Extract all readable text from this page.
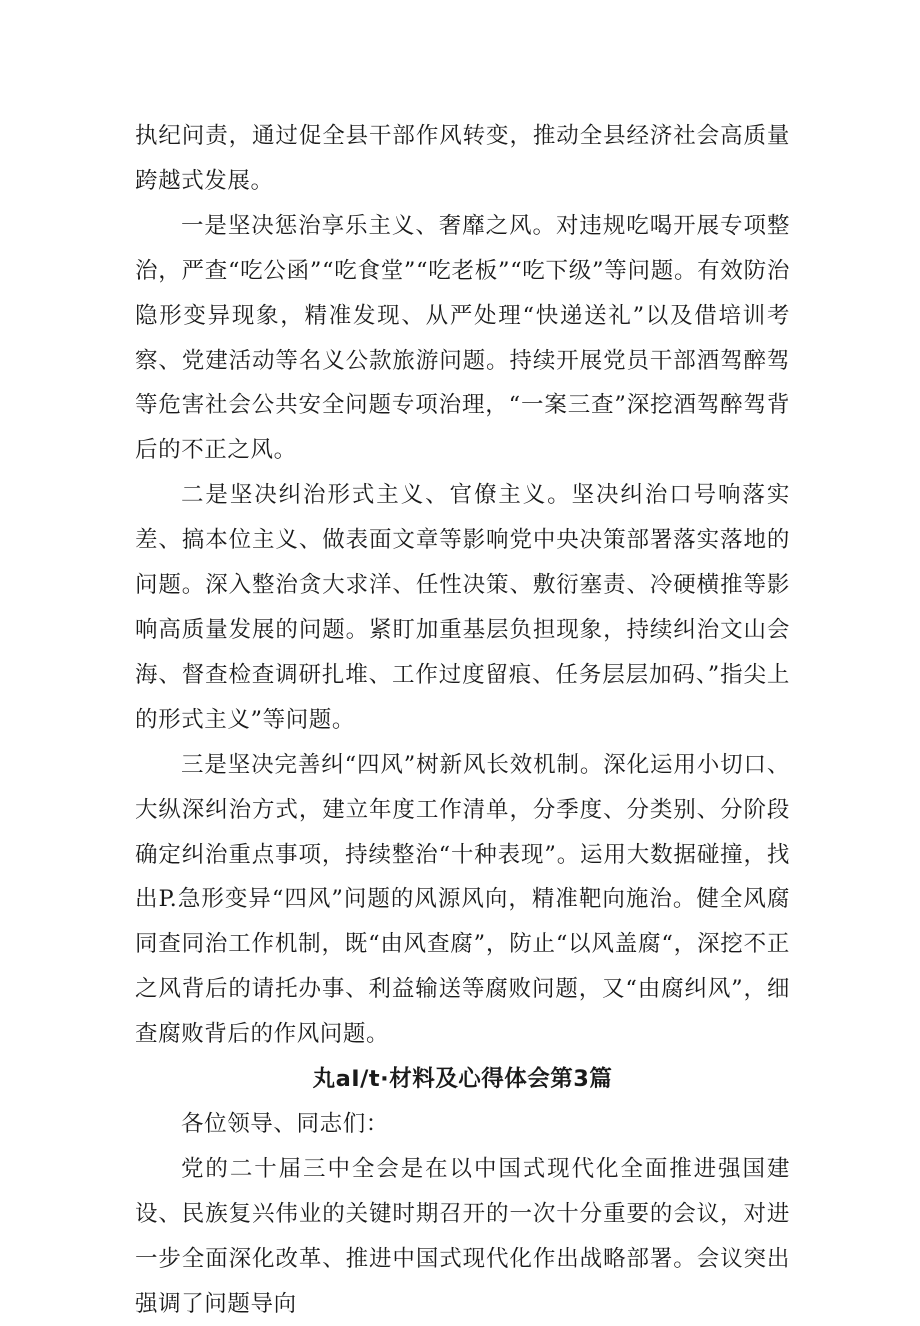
执纪问责，通过促全县干部作风转变，推动全县经济社会高质量跨越式发展。

一是坚决惩治享乐主义、奢靡之风。对违规吃喝开展专项整治，严查“吃公函”“吃食堂”“吃老板”“吃下级”等问题。有效防治隐形变异现象，精准发现、从严处理“快递送礼”以及借培训考察、党建活动等名义公款旅游问题。持续开展党员干部酒驾醉驾等危害社会公共安全问题专项治理，“一案三查”深挖酒驾醉驾背后的不正之风。

二是坚决纠治形式主义、官僚主义。坚决纠治口号响落实差、搞本位主义、做表面文章等影响党中央决策部署落实落地的问题。深入整治贪大求洋、任性决策、敷衍塞责、冷硬横推等影响高质量发展的问题。紧盯加重基层负担现象，持续纠治文山会海、督查检查调研扎堆、工作过度留痕、任务层层加码、”指尖上的形式主义”等问题。

三是坚决完善纠“四风”树新风长效机制。深化运用小切口、大纵深纠治方式，建立年度工作清单，分季度、分类别、分阶段确定纠治重点事项，持续整治“十种表现”。运用大数据碰撞，找出P.急形变异“四风”问题的风源风向，精准靶向施治。健全风腐同查同治工作机制，既“由风查腐”，防止“以风盖腐“，深挖不正之风背后的请托办事、利益输送等腐败问题，又“由腐纠风”，细查腐败背后的作风问题。

丸aI/t·材料及心得体会第3篇

各位领导、同志们：

党的二十届三中全会是在以中国式现代化全面推进强国建设、民族复兴伟业的关键时期召开的一次十分重要的会议，对进一步全面深化改革、推进中国式现代化作出战略部署。会议突出强调了问题导向
